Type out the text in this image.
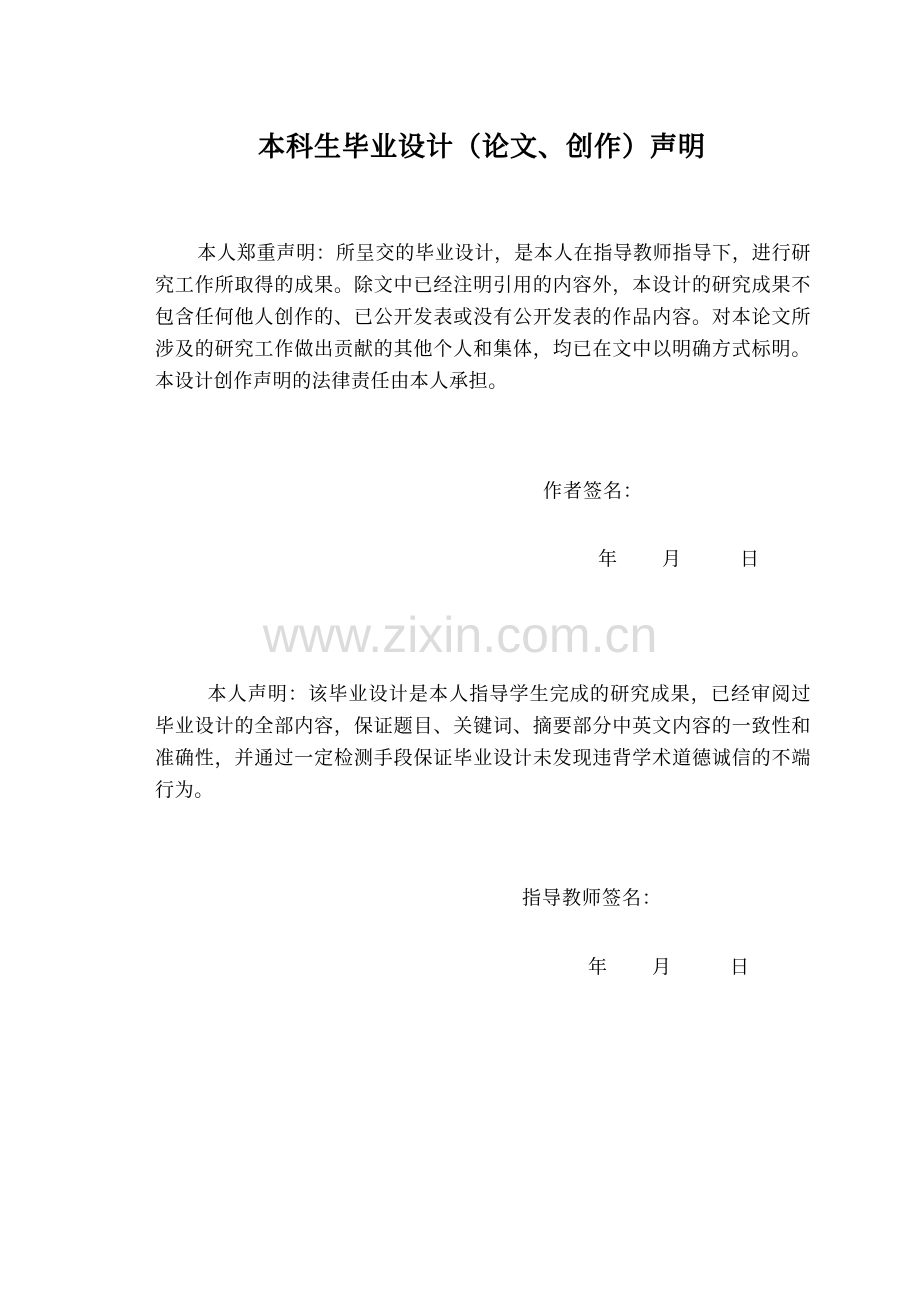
本科生毕业设计（论文、创作）声明
本人郑重声明：所呈交的毕业设计，是本人在指导教师指导下，进行研究工作所取得的成果。除文中已经注明引用的内容外，本设计的研究成果不包含任何他人创作的、已公开发表或没有公开发表的作品内容。对本论文所涉及的研究工作做出贡献的其他个人和集体，均已在文中以明确方式标明。本设计创作声明的法律责任由本人承担。
作者签名：
年 月	日
www.zixin.com.cn
本人声明：该毕业设计是本人指导学生完成的研究成果，已经审阅过毕业设计的全部内容，保证题目、关键词、摘要部分中英文内容的一致性和准确性，并通过一定检测手段保证毕业设计未发现违背学术道德诚信的不端行为。
指导教师签名：
年 月	日
